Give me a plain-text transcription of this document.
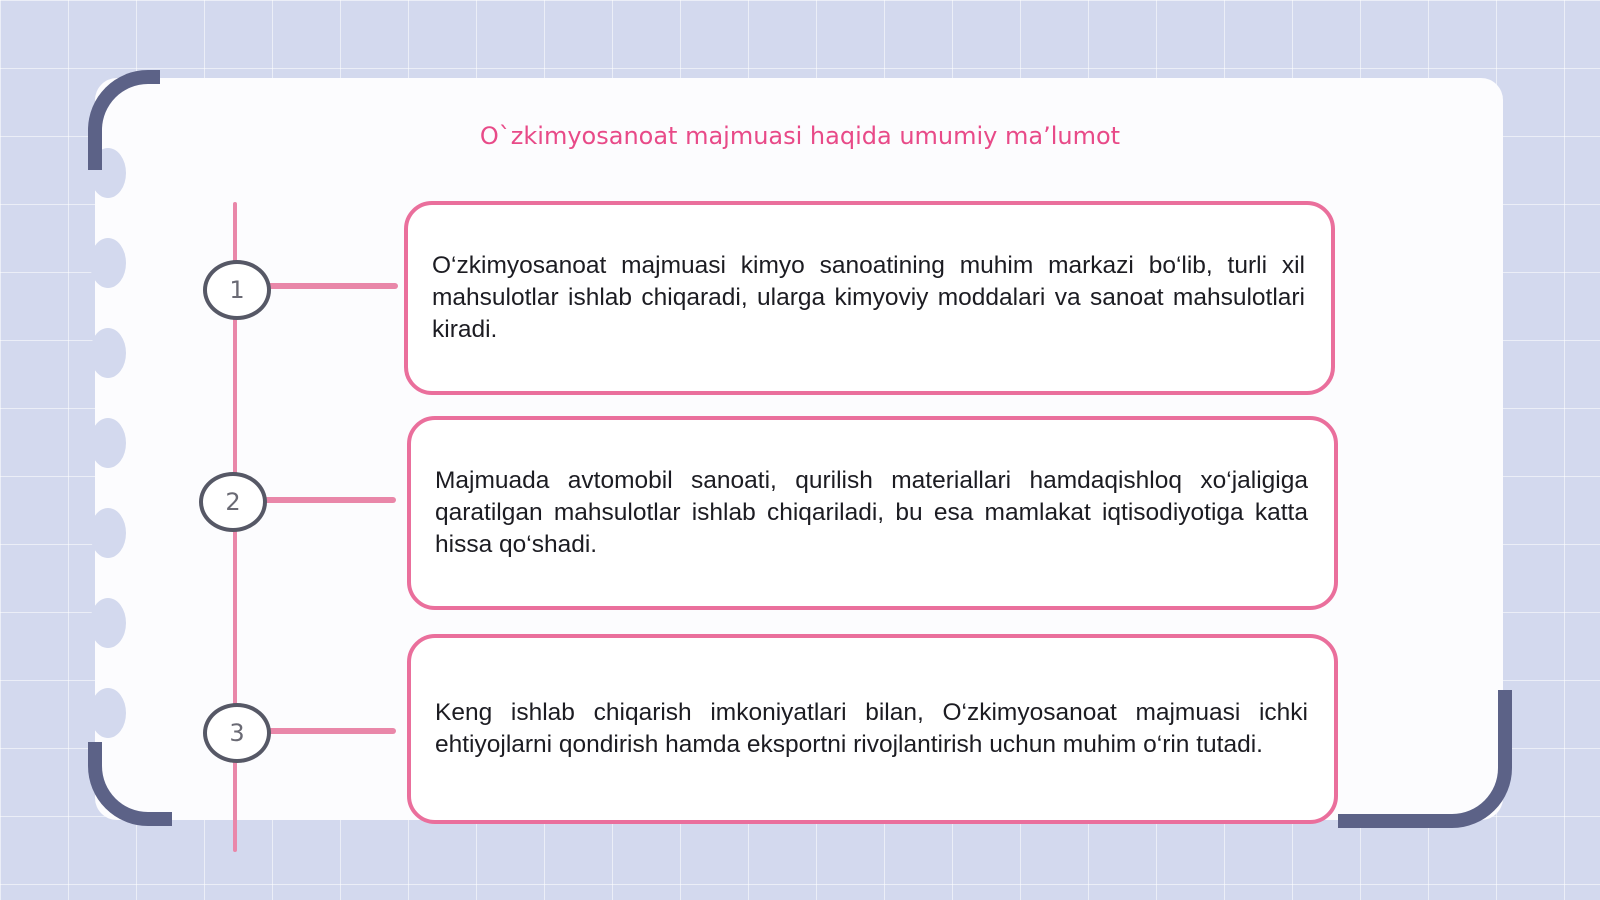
O`zkimyosanoat majmuasi haqida umumiy ma’lumot
1

O‘zkimyosanoat majmuasi kimyo sanoatining muhim markazi bo‘lib, turli xil mahsulotlar ishlab chiqaradi, ularga kimyoviy moddalari va sanoat mahsulotlari kiradi.

2

Majmuada avtomobil sanoati, qurilish materiallari hamdaqishloq xo‘jaligiga qaratilgan mahsulotlar ishlab chiqariladi, bu esa mamlakat iqtisodiyotiga katta hissa qo‘shadi.

3

Keng ishlab chiqarish imkoniyatlari bilan, O‘zkimyosanoat majmuasi ichki ehtiyojlarni qondirish hamda eksportni rivojlantirish uchun muhim o‘rin tutadi.
